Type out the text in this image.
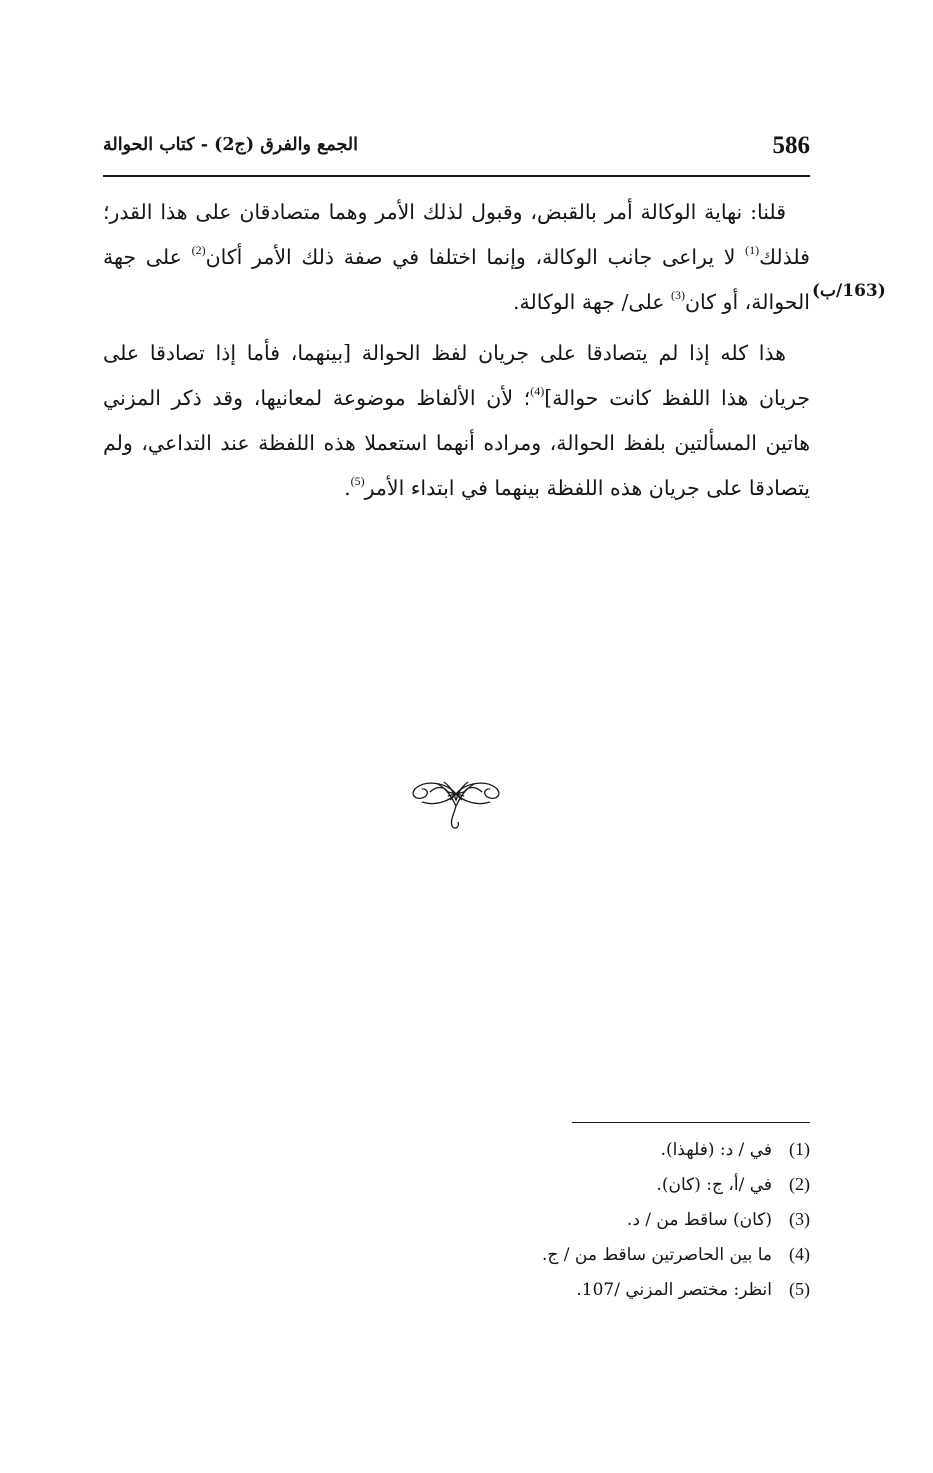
586
الجمع والفرق (ج2) - كتاب الحوالة
(163/ب)

قلنا: نهاية الوكالة أمر بالقبض، وقبول لذلك الأمر وهما متصادقان على هذا القدر؛ فلذلك$^{(1)}$ لا يراعى جانب الوكالة، وإنما اختلفا في صفة ذلك الأمر أكان$^{(2)}$ على جهة الحوالة، أو كان$^{(3)}$ على/ جهة الوكالة.

هذا كله إذا لم يتصادقا على جريان لفظ الحوالة [بينهما، فأما إذا تصادقا على جريان هذا اللفظ كانت حوالة]$^{(4)}$؛ لأن الألفاظ موضوعة لمعانيها، وقد ذكر المزني هاتين المسألتين بلفظ الحوالة، ومراده أنهما استعملا هذه اللفظة عند التداعي، ولم يتصادقا على جريان هذه اللفظة بينهما في ابتداء الأمر$^{(5)}$.

(1)
في / د: (فلهذا).
(2)
في /أ، ج: (كان).
(3)
(كان) ساقط من / د.
(4)
ما بين الحاصرتين ساقط من / ج.
(5)
انظر: مختصر المزني /107.
